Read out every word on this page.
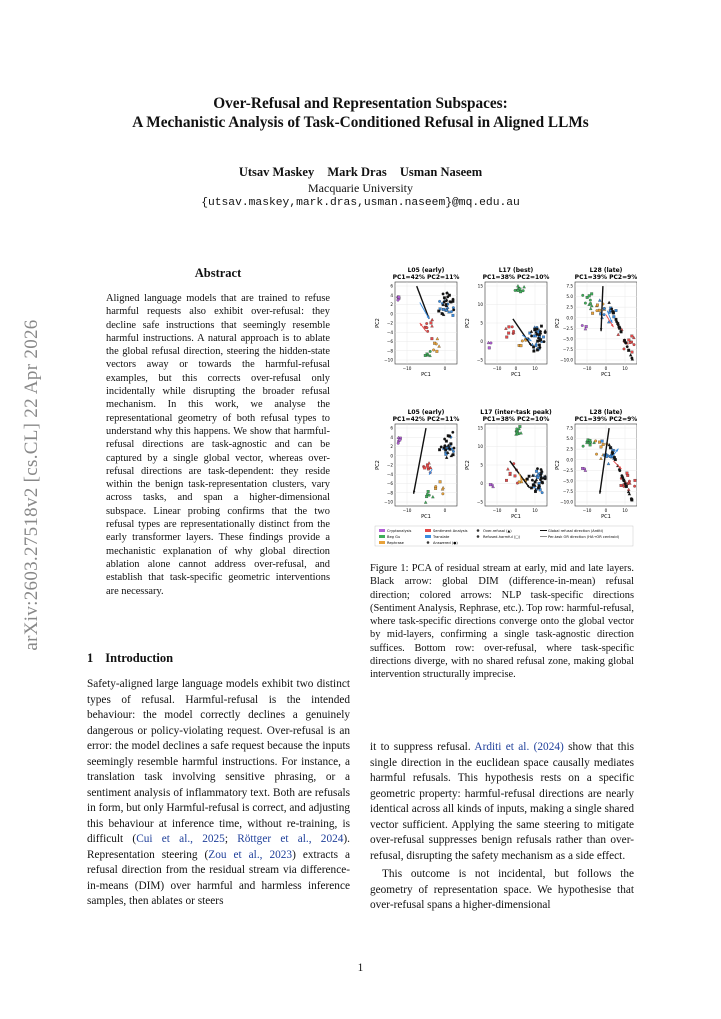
arXiv:2603.27518v2 [cs.CL] 22 Apr 2026
Over-Refusal and Representation Subspaces:
A Mechanistic Analysis of Task-Conditioned Refusal in Aligned LLMs
Utsav Maskey Mark Dras Usman Naseem
Macquarie University
{utsav.maskey,mark.dras,usman.naseem}@mq.edu.au
Abstract
Aligned language models that are trained to refuse harmful requests also exhibit over-refusal: they decline safe instructions that seemingly resemble harmful instructions. A natural approach is to ablate the global refusal direction, steering the hidden-state vectors away or towards the harmful-refusal examples, but this corrects over-refusal only incidentally while disrupting the broader refusal mechanism. In this work, we analyse the representational geometry of both refusal types to understand why this happens. We show that harmful-refusal directions are task-agnostic and can be captured by a single global vector, whereas over-refusal directions are task-dependent: they reside within the benign task-representation clusters, vary across tasks, and span a higher-dimensional subspace. Linear probing confirms that the two refusal types are representationally distinct from the early transformer layers. These findings provide a mechanistic explanation of why global direction ablation alone cannot address over-refusal, and establish that task-specific geometric interventions are necessary.
1 Introduction
Safety-aligned large language models exhibit two distinct types of refusal. Harmful-refusal is the intended behaviour: the model correctly declines a genuinely dangerous or policy-violating request. Over-refusal is an error: the model declines a safe request because the inputs seemingly resemble harmful instructions. For instance, a translation task involving sensitive phrasing, or a sentiment analysis of inflammatory text. Both are refusals in form, but only Harmful-refusal is correct, and adjusting this behaviour at inference time, without re-training, is difficult (Cui et al., 2025; Röttger et al., 2024). Representation steering (Zou et al., 2023) extracts a refusal direction from the residual stream via difference-in-means (DIM) over harmful and harmless inference samples, then ablates or steers
L05 (early)
PC1=42% PC2=11%
6
4
2
0
−2
−4
−6
−8
−10
−10	0
PC1
PC2
L17 (best)
PC1=38% PC2=10%
15
10
5
0
−5
−10	0	10
PC1
PC2
L28 (late)
PC1=39% PC2=9%
7.5
5.0
2.5
0.0
−2.5
−5.0
−7.5
−10.0
−10	0	10
PC1
PC2
L05 (early)
PC1=42% PC2=11%
6
4
2
0
−2
−4
−6
−8
−10
−10	0
PC1
PC2
L17 (inter-task peak)
PC1=38% PC2=10%
15
10
5
0
−5
−10	0	10
PC1
PC2
L28 (late)
PC1=39% PC2=9%
7.5
5.0
2.5
0.0
−2.5
−5.0
−7.5
−10.0
−10	0	10
PC1
PC2
Cryptanalysis	Sentiment Analysis	Over-refusal (▲)	Global refusal direction (Arditi)
Beg Gu	Translate	Refused-harmful (□)	Per-task OR direction (HA→OR centroid)
Rephrase	Answered (●)
Figure 1: PCA of residual stream at early, mid and late layers. Black arrow: global DIM (difference-in-mean) refusal direction; colored arrows: NLP task-specific directions (Sentiment Analysis, Rephrase, etc.). Top row: harmful-refusal, where task-specific directions converge onto the global vector by mid-layers, confirming a single task-agnostic direction suffices. Bottom row: over-refusal, where task-specific directions diverge, with no shared refusal zone, making global intervention structurally imprecise.

it to suppress refusal. Arditi et al. (2024) show that this single direction in the euclidean space causally mediates harmful refusals. This hypothesis rests on a specific geometric property: harmful-refusal directions are nearly identical across all kinds of inputs, making a single shared vector sufficient. Applying the same steering to mitigate over-refusal suppresses benign refusals rather than over-refusal, disrupting the safety mechanism as a side effect.

This outcome is not incidental, but follows the geometry of representation space. We hypothesise that over-refusal spans a higher-dimensional

1
